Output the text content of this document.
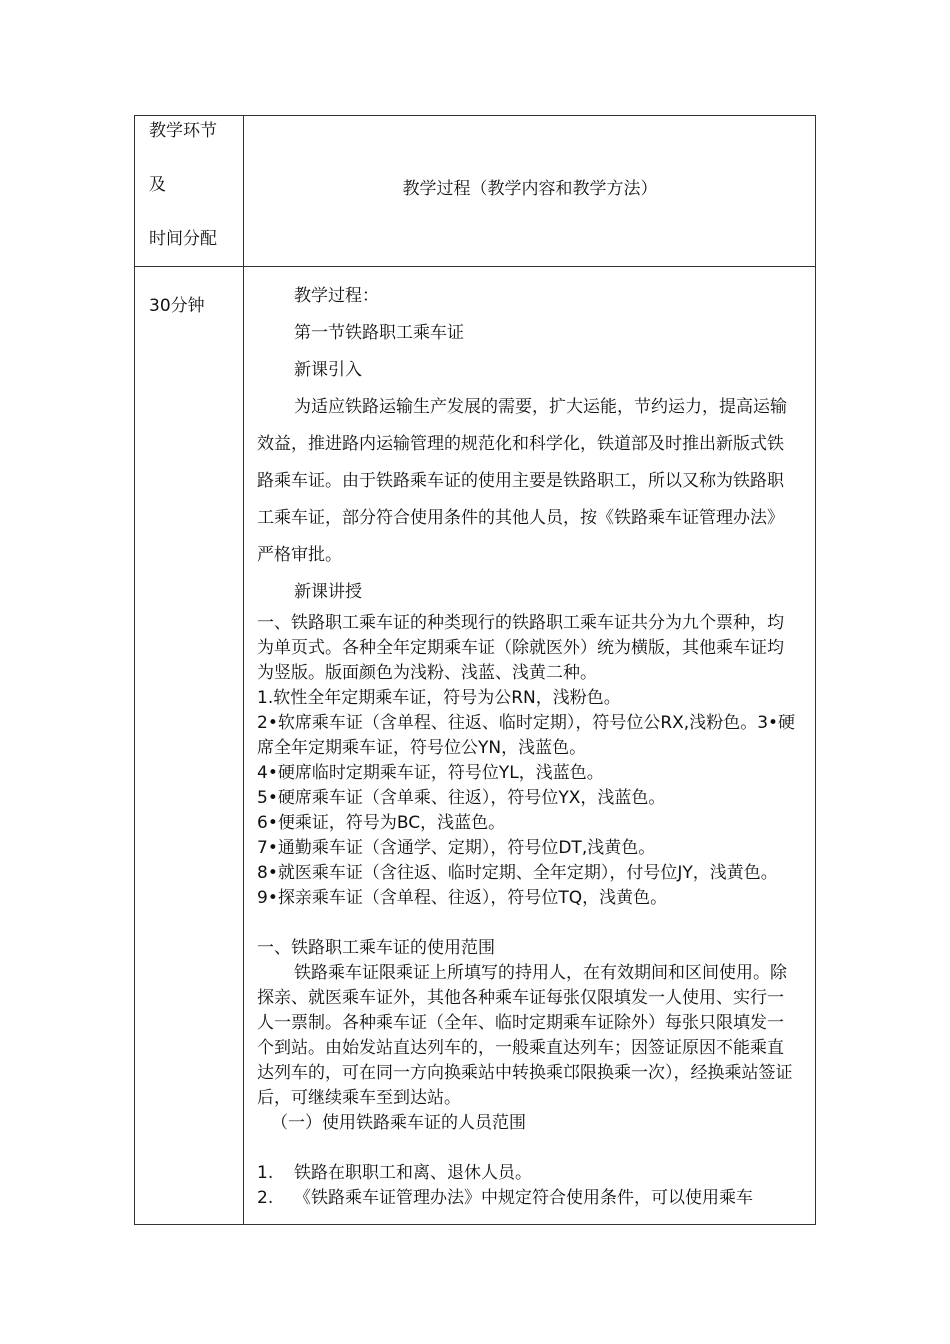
教学环节
及
时间分配
教学过程（教学内容和教学方法）
30分钟	教学过程：
第一节铁路职工乘车证
新课引入
为适应铁路运输生产发展的需要，扩大运能，节约运力，提高运输效益，推进路内运输管理的规范化和科学化，铁道部及时推出新版式铁路乘车证。由于铁路乘车证的使用主要是铁路职工，所以又称为铁路职工乘车证，部分符合使用条件的其他人员，按《铁路乘车证管理办法》严格审批。
新课讲授
一、铁路职工乘车证的种类现行的铁路职工乘车证共分为九个票种，均为单页式。各种全年定期乘车证（除就医外）统为横版，其他乘车证均为竖版。版面颜色为浅粉、浅蓝、浅黄二种。
1.软性全年定期乘车证，符号为公RN，浅粉色。
2•软席乘车证（含单程、往返、临时定期），符号位公RX,浅粉色。3•硬席全年定期乘车证，符号位公YN，浅蓝色。
4•硬席临时定期乘车证，符号位YL，浅蓝色。
5•硬席乘车证（含单乘、往返），符号位YX，浅蓝色。
6•便乘证，符号为BC，浅蓝色。
7•通勤乘车证（含通学、定期），符号位DT,浅黄色。
8•就医乘车证（含往返、临时定期、全年定期），付号位JY，浅黄色。
9•探亲乘车证（含单程、往返），符号位TQ，浅黄色。
一、铁路职工乘车证的使用范围
铁路乘车证限乘证上所填写的持用人，在有效期间和区间使用。除探亲、就医乘车证外，其他各种乘车证每张仅限填发一人使用、实行一人一票制。各种乘车证（全年、临时定期乘车证除外）每张只限填发一个到站。由始发站直达列车的，一般乘直达列车；因签证原因不能乘直达列车的，可在同一方向换乘站中转换乘邙限换乘一次），经换乘站签证后，可继续乘车至到达站。
（一）使用铁路乘车证的人员范围
1. 铁路在职职工和离、退休人员。
2. 《铁路乘车证管理办法》中规定符合使用条件，可以使用乘车
